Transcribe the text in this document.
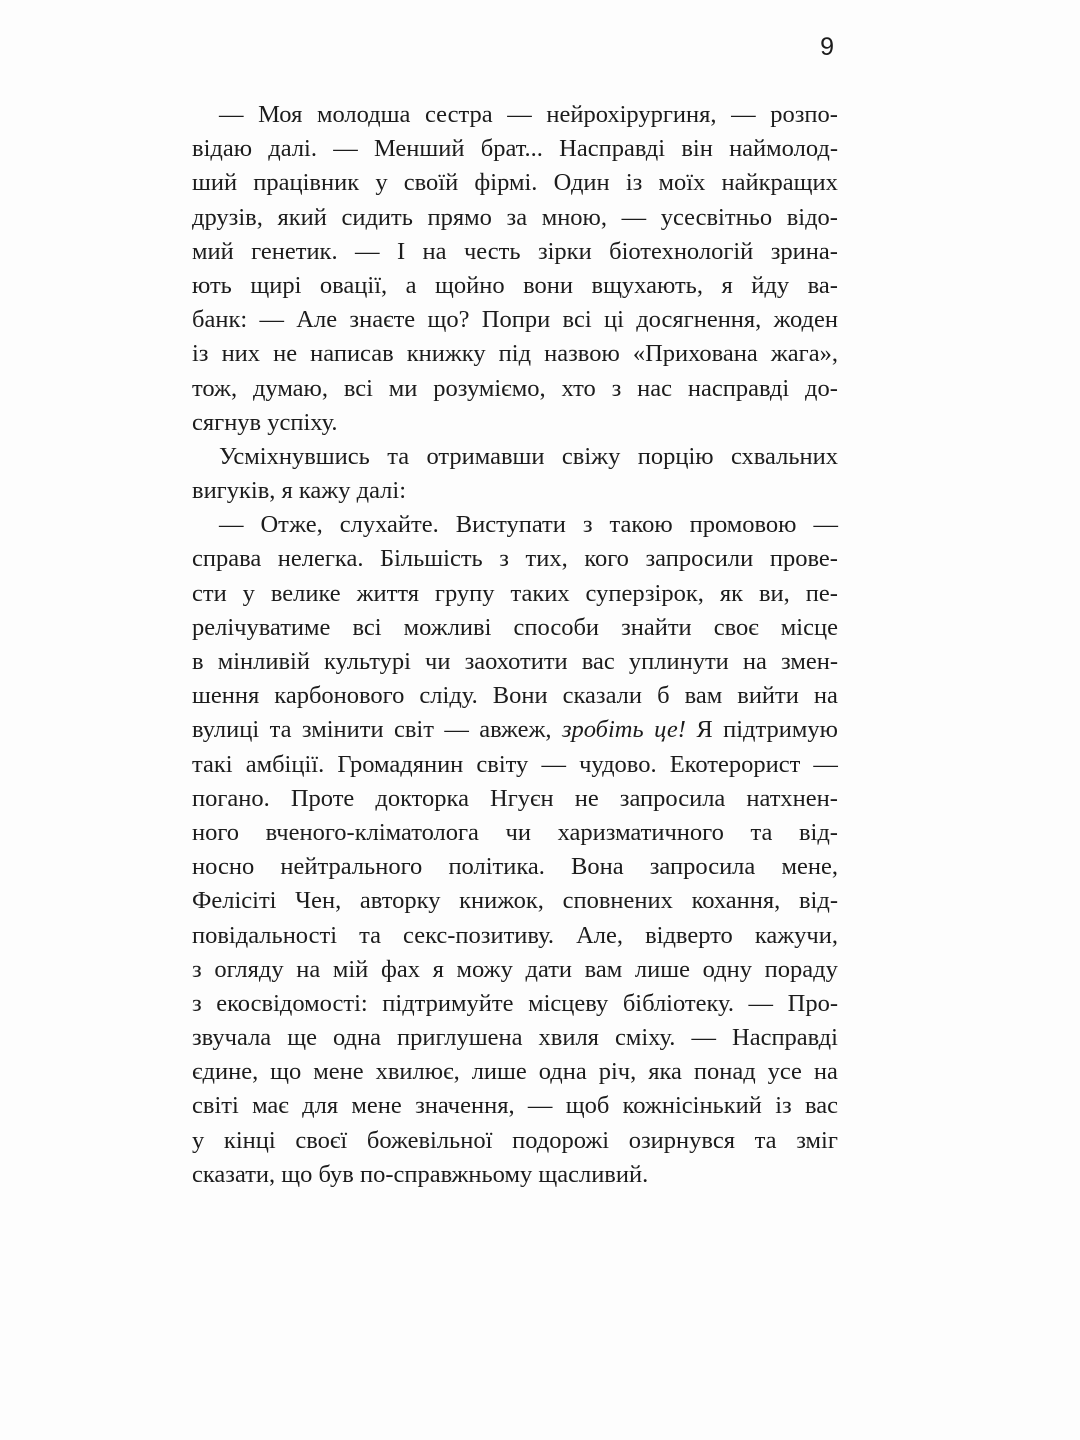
9
— Моя молодша сестра — нейрохірургиня, — розпо-
відаю далі. — Менший брат... Насправді він наймолод-
ший працівник у своїй фірмі. Один із моїх найкращих
друзів, який сидить прямо за мною, — усесвітньо відо-
мий генетик. — І на честь зірки біотехнологій зрина-
ють щирі овації, а щойно вони вщухають, я йду ва-
банк: — Але знаєте що? Попри всі ці досягнення, жоден
із них не написав книжку під назвою «Прихована жага»,
тож, думаю, всі ми розуміємо, хто з нас насправді до-
сягнув успіху.
Усміхнувшись та отримавши свіжу порцію схвальних
вигуків, я кажу далі:
— Отже, слухайте. Виступати з такою промовою —
справа нелегка. Більшість з тих, кого запросили прове-
сти у велике життя групу таких суперзірок, як ви, пе-
релічуватиме всі можливі способи знайти своє місце
в мінливій культурі чи заохотити вас уплинути на змен-
шення карбонового сліду. Вони сказали б вам вийти на
вулиці та змінити світ — авжеж, зробіть це! Я підтримую
такі амбіції. Громадянин світу — чудово. Екотерорист —
погано. Проте докторка Нгуєн не запросила натхнен-
ного вченого-кліматолога чи харизматичного та від-
носно нейтрального політика. Вона запросила мене,
Фелісіті Чен, авторку книжок, сповнених кохання, від-
повідальності та секс-позитиву. Але, відверто кажучи,
з огляду на мій фах я можу дати вам лише одну пораду
з екосвідомості: підтримуйте місцеву бібліотеку. — Про-
звучала ще одна приглушена хвиля сміху. — Насправді
єдине, що мене хвилює, лише одна річ, яка понад усе на
світі має для мене значення, — щоб кожнісінький із вас
у кінці своєї божевільної подорожі озирнувся та зміг
сказати, що був по-справжньому щасливий.
